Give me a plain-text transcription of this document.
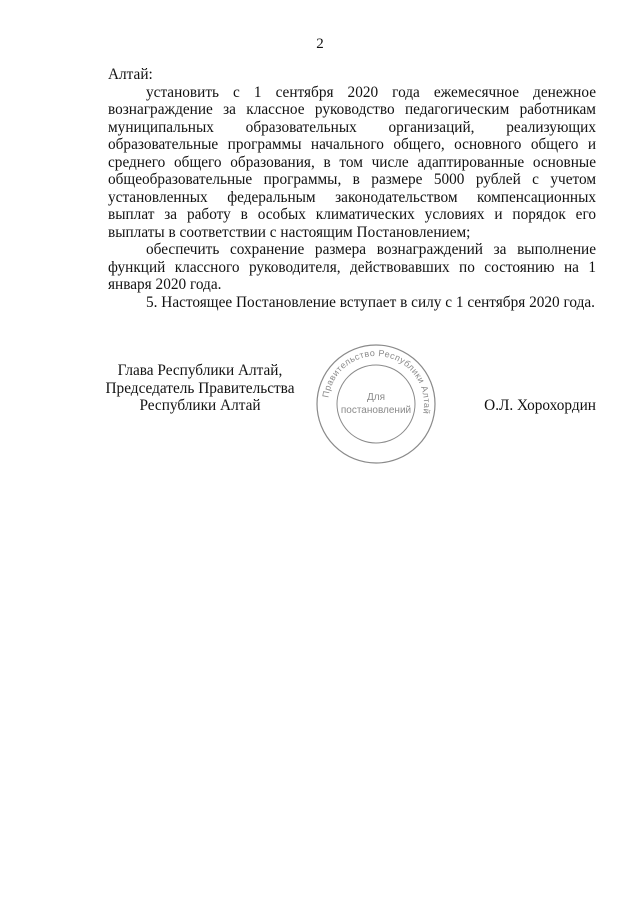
2

Алтай:

установить с 1 сентября 2020 года ежемесячное денежное вознаграждение за классное руководство педагогическим работникам муниципальных образовательных организаций, реализующих образовательные программы начального общего, основного общего и среднего общего образования, в том числе адаптированные основные общеобразовательные программы, в размере 5000 рублей с учетом установленных федеральным законодательством компенсационных выплат за работу в особых климатических условиях и порядок его выплаты в соответствии с настоящим Постановлением;

обеспечить сохранение размера вознаграждений за выполнение функций классного руководителя, действовавших по состоянию на 1 января 2020 года.

5. Настоящее Постановление вступает в силу с 1 сентября 2020 года.

Глава Республики Алтай,
Председатель Правительства
Республики Алтай
Правительство Республики Алтай
Для
постановлений	О.Л. Хорохордин
